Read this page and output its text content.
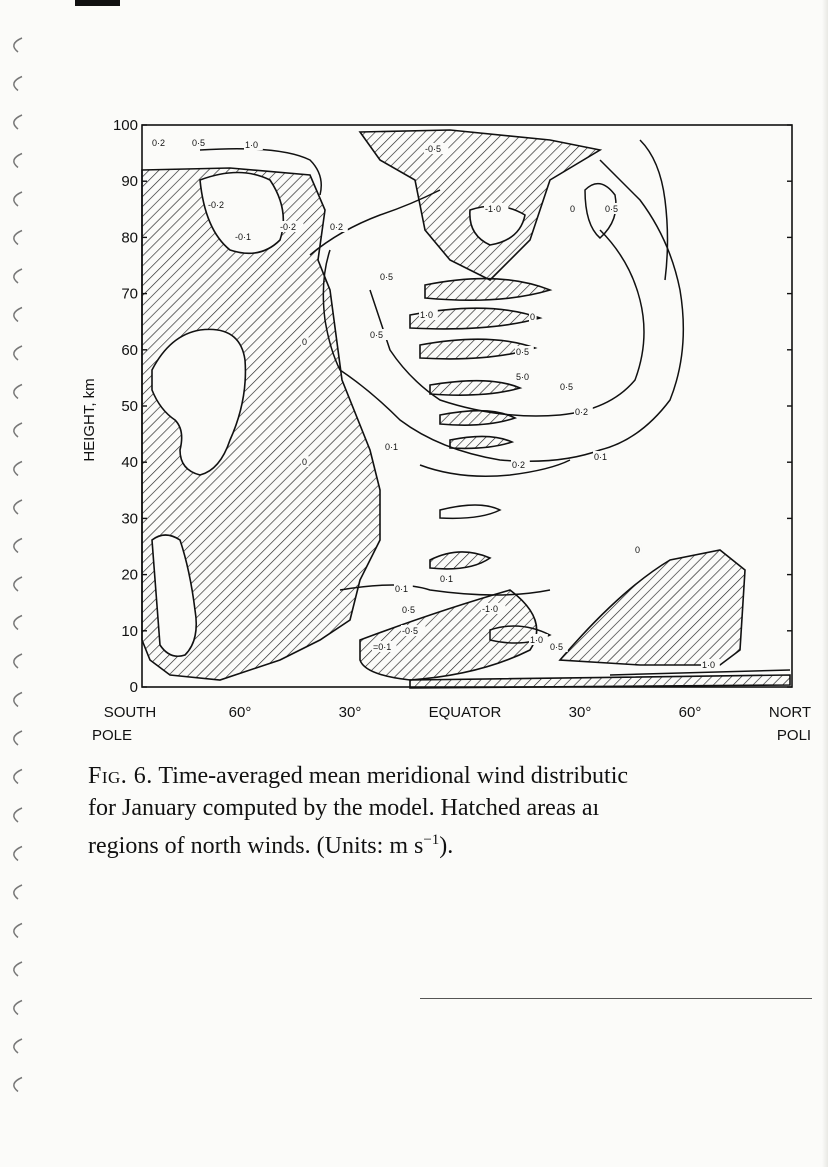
0
10
20
30
40
50
60
70
80
90
100
SOUTH
POLE
60°	30°	EQUATOR	30°	60°	NORT
POLI
HEIGHT, km
0·2	0·5	1·0
-0·2
-0·1
-0·2	0·2
-0·5
-1·0	0	0·5
0·5
1·0	0
0·5
0
5·0
0·5
0·5
0·2
0·1
0·2
0·1
0
0·1
0·1
0·5	-1·0
-0·5
=0·1
1·0
0·5
1·0
0
Fig. 6. Time-averaged mean meridional wind distributic
for January computed by the model. Hatched areas aı
regions of north winds. (Units: m $s^{-1}$).
